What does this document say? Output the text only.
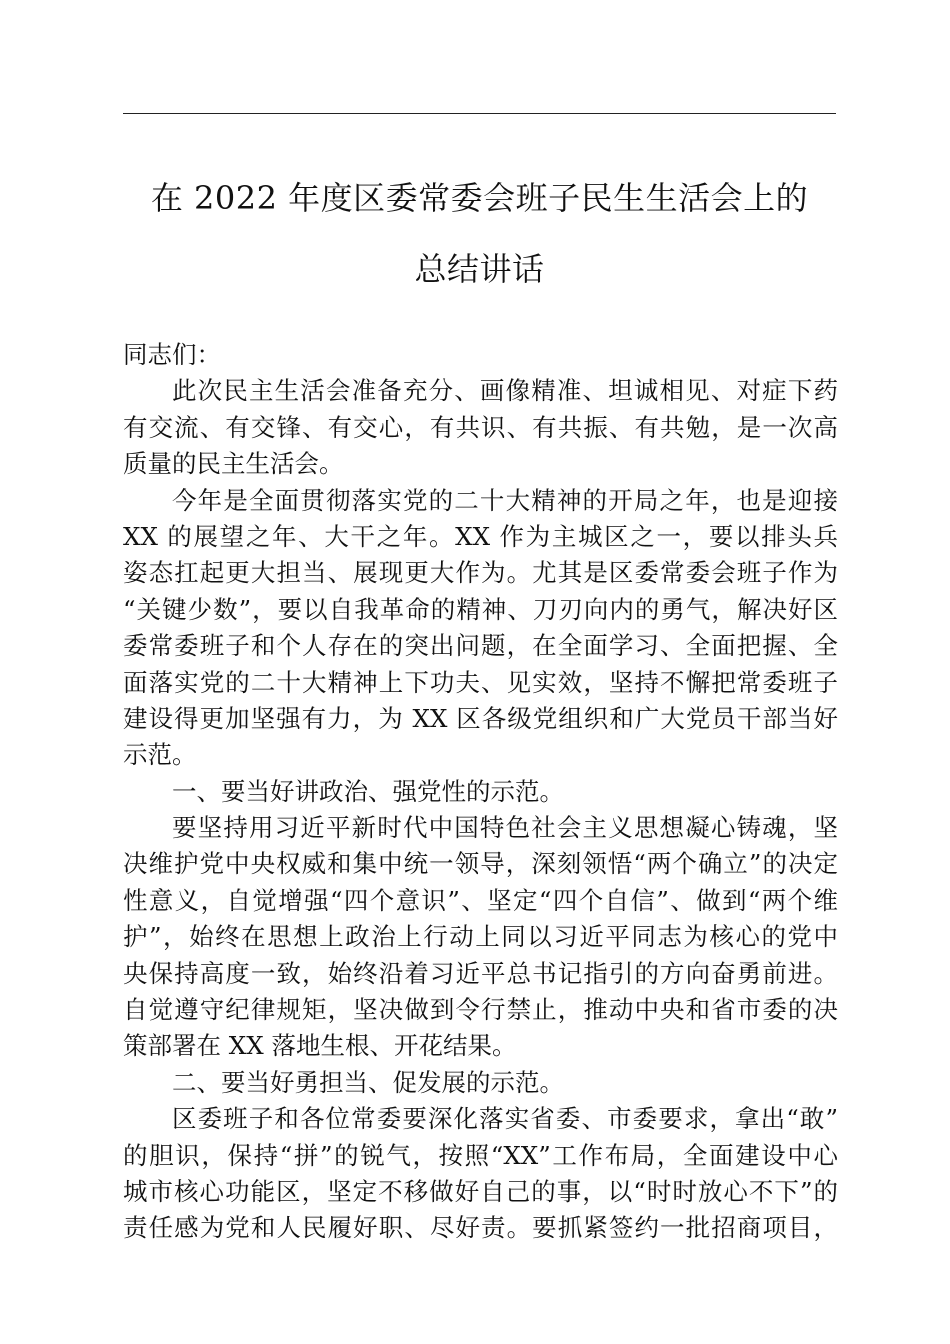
在 2022 年度区委常委会班子民生生活会上的
总结讲话
同志们：
此次民主生活会准备充分、画像精准、坦诚相见、对症下药
有交流、有交锋、有交心，有共识、有共振、有共勉，是一次高
质量的民主生活会。
今年是全面贯彻落实党的二十大精神的开局之年，也是迎接
XX 的展望之年、大干之年。XX 作为主城区之一，要以排头兵
姿态扛起更大担当、展现更大作为。尤其是区委常委会班子作为
“关键少数”，要以自我革命的精神、刀刃向内的勇气，解决好区
委常委班子和个人存在的突出问题，在全面学习、全面把握、全
面落实党的二十大精神上下功夫、见实效，坚持不懈把常委班子
建设得更加坚强有力，为 XX 区各级党组织和广大党员干部当好
示范。
一、要当好讲政治、强党性的示范。
要坚持用习近平新时代中国特色社会主义思想凝心铸魂，坚
决维护党中央权威和集中统一领导，深刻领悟“两个确立”的决定
性意义，自觉增强“四个意识”、坚定“四个自信”、做到“两个维
护”，始终在思想上政治上行动上同以习近平同志为核心的党中
央保持高度一致，始终沿着习近平总书记指引的方向奋勇前进。
自觉遵守纪律规矩，坚决做到令行禁止，推动中央和省市委的决
策部署在 XX 落地生根、开花结果。
二、要当好勇担当、促发展的示范。
区委班子和各位常委要深化落实省委、市委要求，拿出“敢”
的胆识，保持“拼”的锐气，按照“XX”工作布局，全面建设中心
城市核心功能区，坚定不移做好自己的事，以“时时放心不下”的
责任感为党和人民履好职、尽好责。要抓紧签约一批招商项目，
